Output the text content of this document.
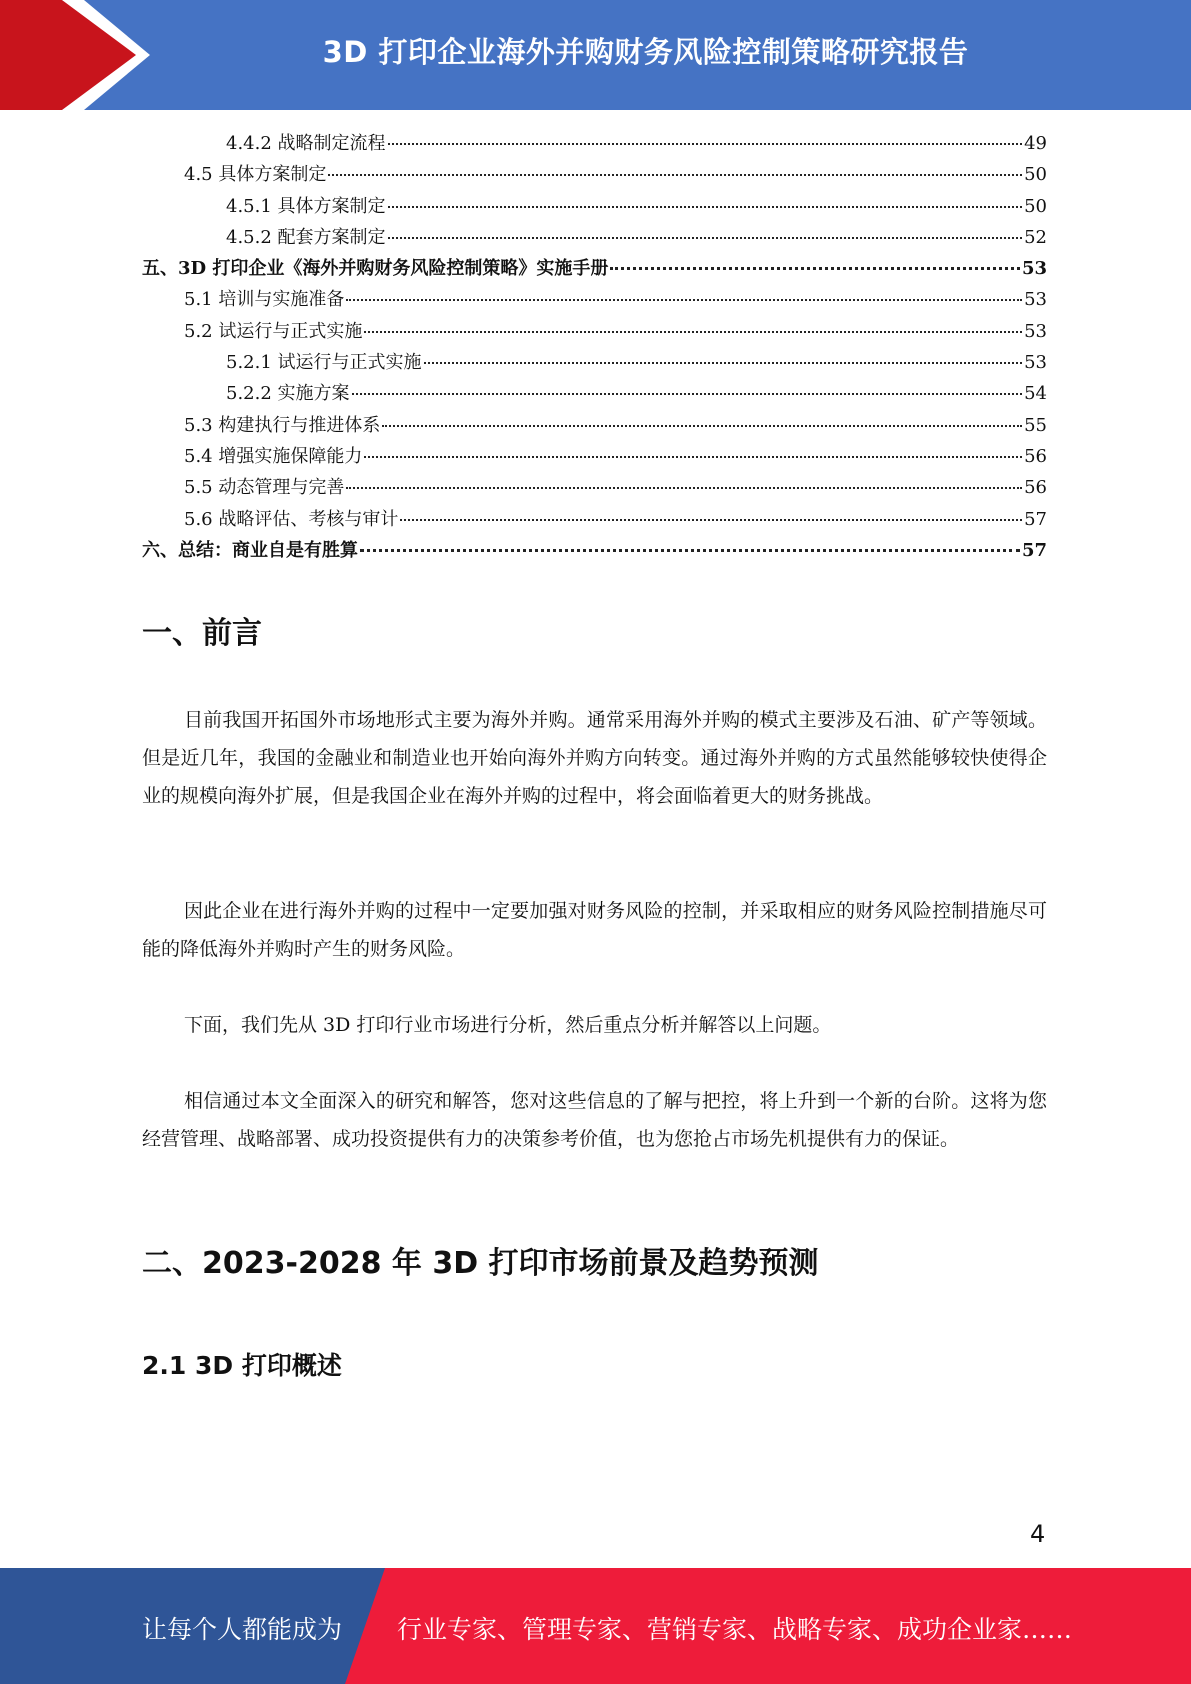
3D 打印企业海外并购财务风险控制策略研究报告
4.4.2 战略制定流程	49
4.5 具体方案制定	50
4.5.1 具体方案制定	50
4.5.2 配套方案制定	52
五、3D 打印企业《海外并购财务风险控制策略》实施手册	53
5.1 培训与实施准备	53
5.2 试运行与正式实施	53
5.2.1 试运行与正式实施	53
5.2.2 实施方案	54
5.3 构建执行与推进体系	55
5.4 增强实施保障能力	56
5.5 动态管理与完善	56
5.6 战略评估、考核与审计	57
六、总结：商业自是有胜算	57
一、前言

目前我国开拓国外市场地形式主要为海外并购。通常采用海外并购的模式主要涉及石油、矿产等领域。但是近几年，我国的金融业和制造业也开始向海外并购方向转变。通过海外并购的方式虽然能够较快使得企业的规模向海外扩展，但是我国企业在海外并购的过程中，将会面临着更大的财务挑战。

因此企业在进行海外并购的过程中一定要加强对财务风险的控制，并采取相应的财务风险控制措施尽可能的降低海外并购时产生的财务风险。

下面，我们先从 3D 打印行业市场进行分析，然后重点分析并解答以上问题。

相信通过本文全面深入的研究和解答，您对这些信息的了解与把控，将上升到一个新的台阶。这将为您经营管理、战略部署、成功投资提供有力的决策参考价值，也为您抢占市场先机提供有力的保证。

二、2023-2028 年 3D 打印市场前景及趋势预测
2.1 3D 打印概述
4
让每个人都能成为 行业专家、管理专家、营销专家、战略专家、成功企业家……
